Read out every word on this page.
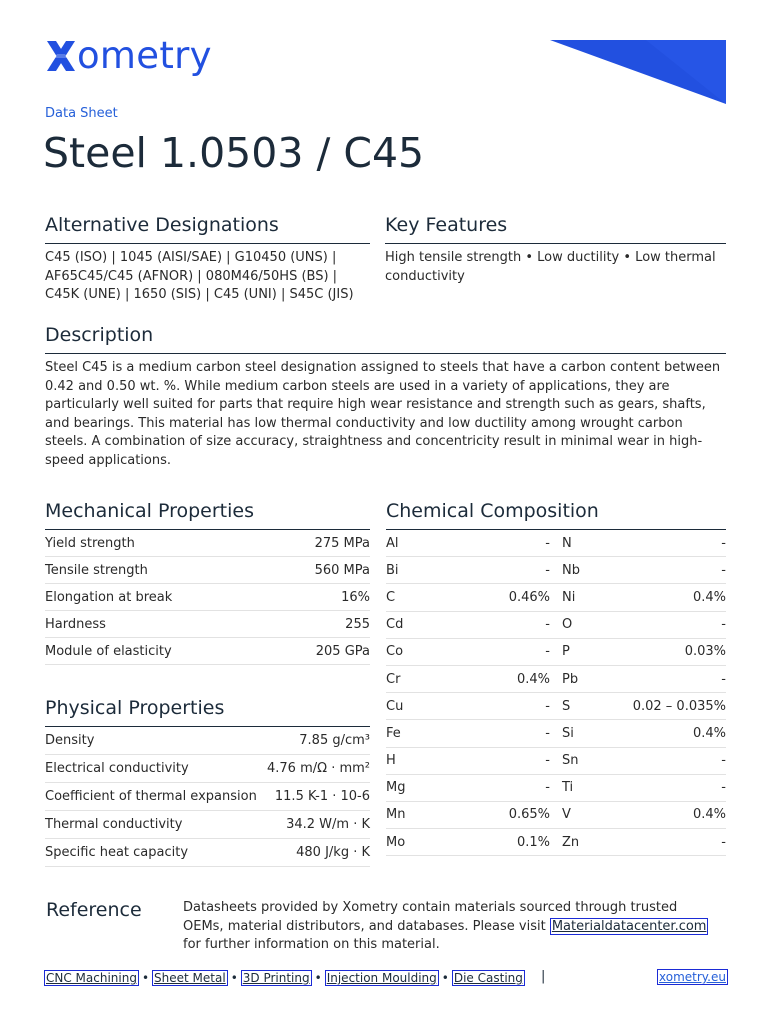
ometry
Data Sheet
Steel 1.0503 / C45
Alternative Designations
C45 (ISO) | 1045 (AISI/SAE) | G10450 (UNS) |
AF65C45/C45 (AFNOR) | 080M46/50HS (BS) |
C45K (UNE) | 1650 (SIS) | C45 (UNI) | S45C (JIS)
Key Features
High tensile strength • Low ductility • Low thermal
conductivity
Description
Steel C45 is a medium carbon steel designation assigned to steels that have a carbon content between
0.42 and 0.50 wt. %. While medium carbon steels are used in a variety of applications, they are
particularly well suited for parts that require high wear resistance and strength such as gears, shafts,
and bearings. This material has low thermal conductivity and low ductility among wrought carbon
steels. A combination of size accuracy, straightness and concentricity result in minimal wear in high-
speed applications.
Mechanical Properties
Yield strength	275 MPa
Tensile strength	560 MPa
Elongation at break	16%
Hardness	255
Module of elasticity	205 GPa
Physical Properties
Density	7.85 g/cm³
Electrical conductivity	4.76 m/Ω · mm²
Coefficient of thermal expansion 11.5 K-1 · 10-6
Thermal conductivity	34.2 W/m · K
Specific heat capacity	480 J/kg · K
Chemical Composition
Al	- N	-
Bi	- Nb	-
C	0.46% Ni	0.4%
Cd	- O	-
Co	- P	0.03%
Cr	0.4% Pb	-
Cu	- S	0.02 – 0.035%
Fe	- Si	0.4%
H	- Sn	-
Mg	- Ti	-
Mn	0.65% V	0.4%
Mo	0.1% Zn	-
Reference	Datasheets provided by Xometry contain materials sourced through trusted
OEMs, material distributors, and databases. Please visit Materialdatacenter.com
for further information on this material.
CNC Machining • Sheet Metal • 3D Printing • Injection Moulding • Die Casting |	xometry.eu
